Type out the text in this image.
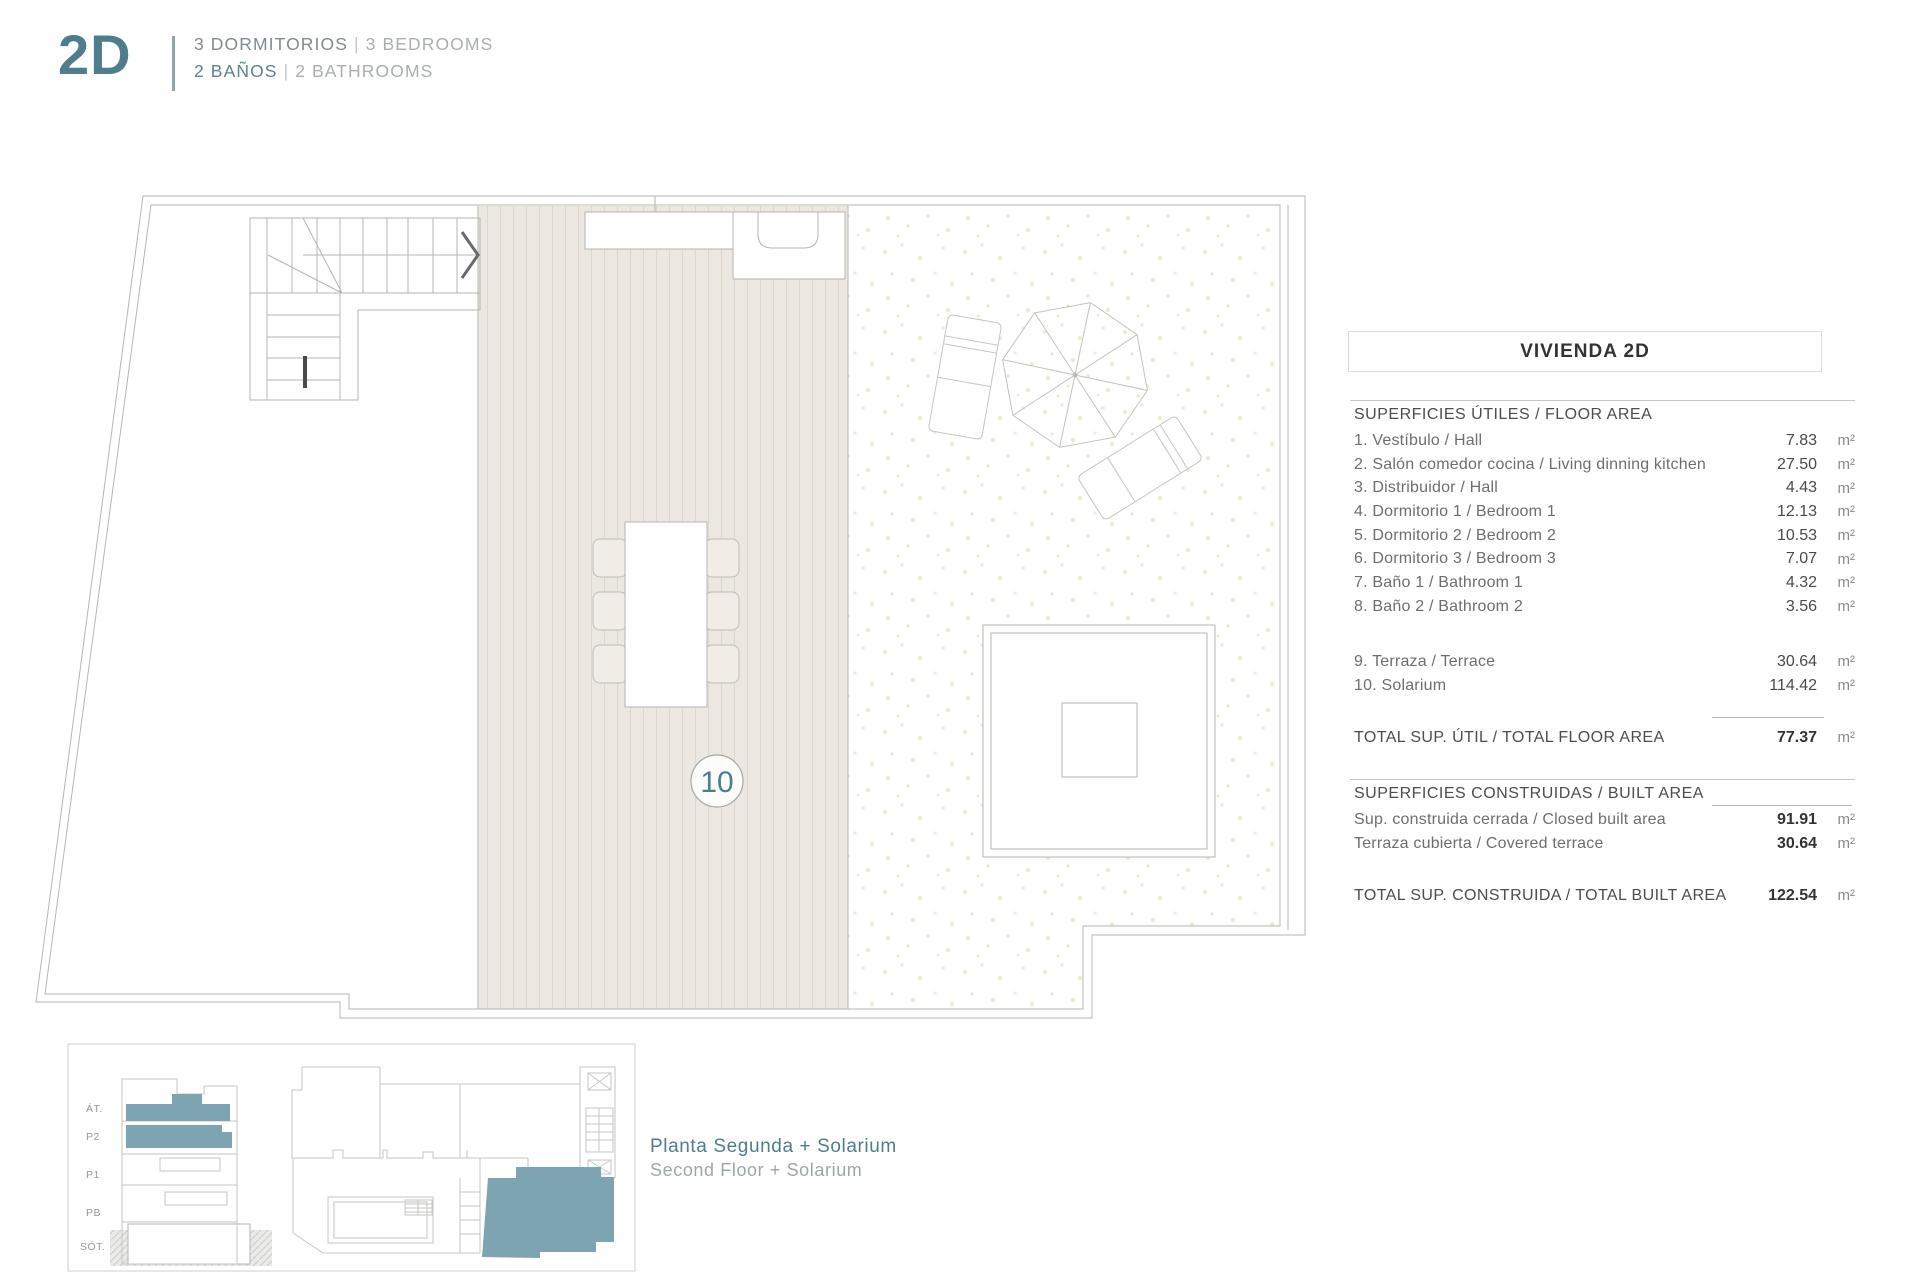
2D	3 DORMITORIOS | 3 BEDROOMS
2 BAÑOS | 2 BATHROOMS
10
ÁT.
P2
P1
PB
SÓT.
VIVIENDA 2D
SUPERFICIES ÚTILES / FLOOR AREA
1. Vestíbulo / Hall	7.83	m²
2. Salón comedor cocina / Living dinning kitchen	27.50	m²
3. Distribuidor / Hall	4.43	m²
4. Dormitorio 1 / Bedroom 1	12.13	m²
5. Dormitorio 2 / Bedroom 2	10.53	m²
6. Dormitorio 3 / Bedroom 3	7.07	m²
7. Baño 1 / Bathroom 1	4.32	m²
8. Baño 2 / Bathroom 2	3.56	m²
9. Terraza / Terrace	30.64	m²
10. Solarium	114.42	m²
TOTAL SUP. ÚTIL / TOTAL FLOOR AREA	77.37	m²
SUPERFICIES CONSTRUIDAS / BUILT AREA
Sup. construida cerrada / Closed built area	91.91	m²
Terraza cubierta / Covered terrace	30.64	m²
TOTAL SUP. CONSTRUIDA / TOTAL BUILT AREA	122.54	m²
Planta Segunda + Solarium
Second Floor + Solarium
